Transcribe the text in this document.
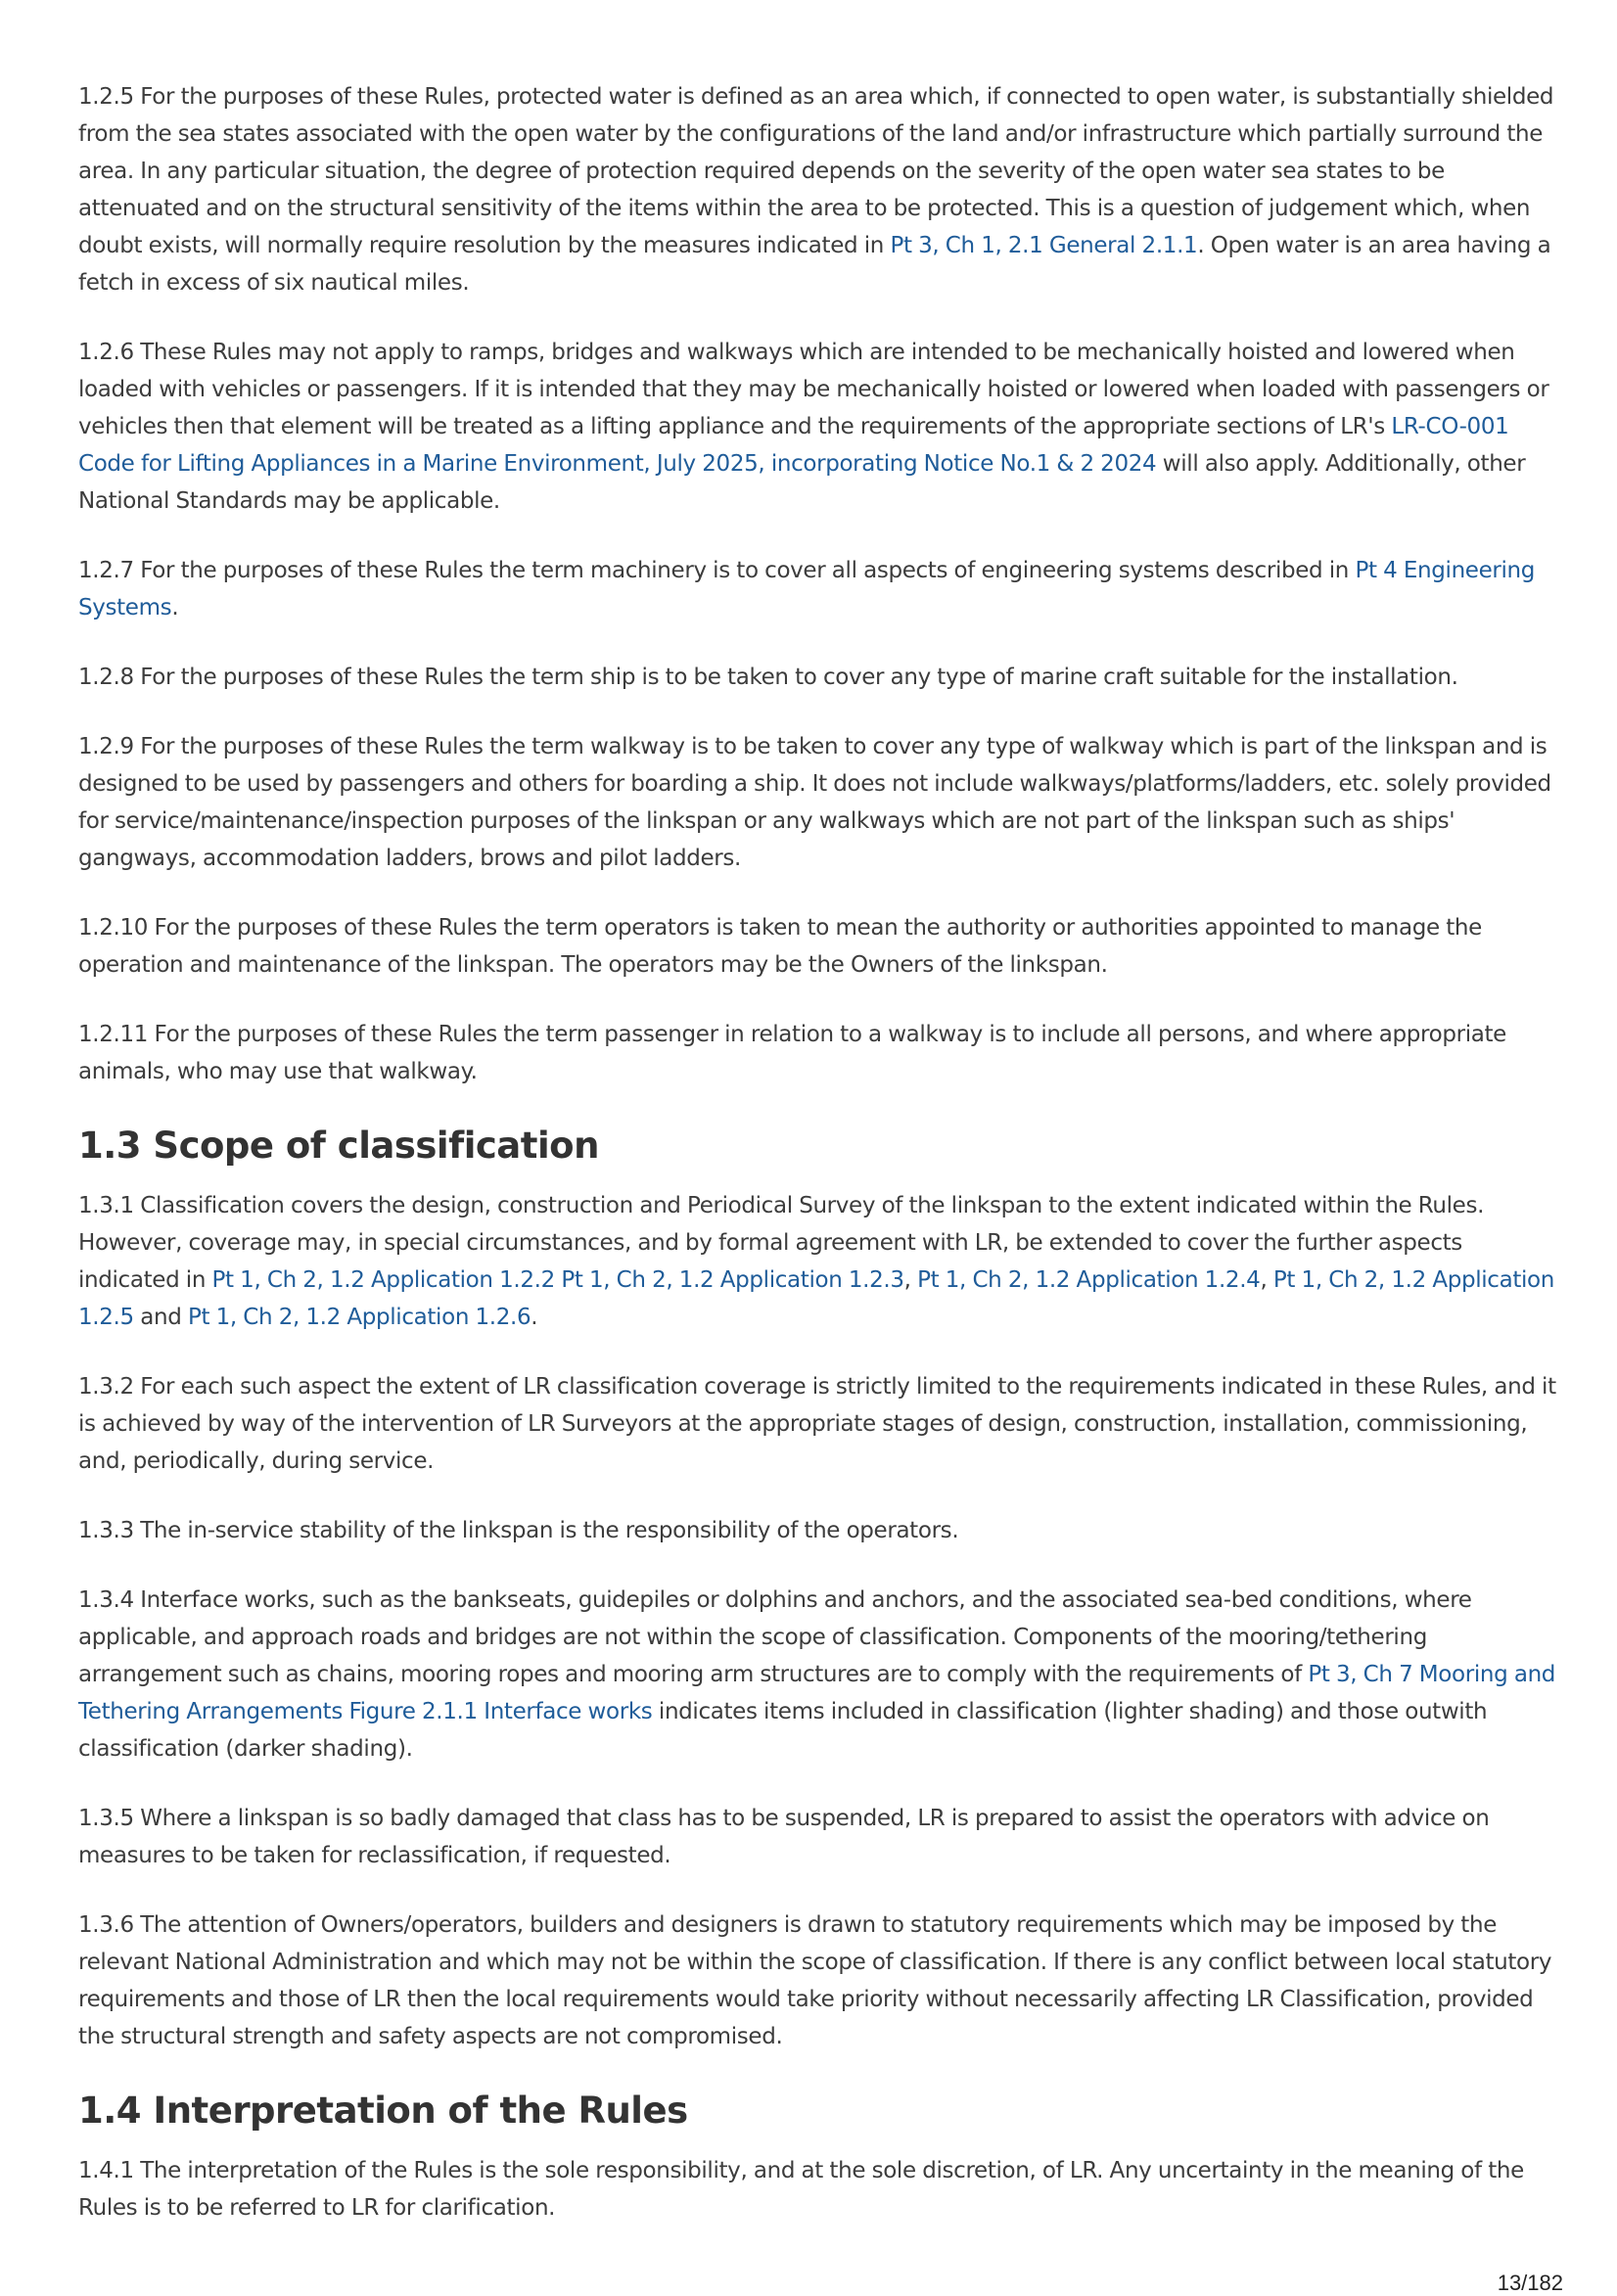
1.2.5 For the purposes of these Rules, protected water is defined as an area which, if connected to open water, is substantially shielded from the sea states associated with the open water by the configurations of the land and/or infrastructure which partially surround the area. In any particular situation, the degree of protection required depends on the severity of the open water sea states to be attenuated and on the structural sensitivity of the items within the area to be protected. This is a question of judgement which, when doubt exists, will normally require resolution by the measures indicated in Pt 3, Ch 1, 2.1 General 2.1.1. Open water is an area having a fetch in excess of six nautical miles.

1.2.6 These Rules may not apply to ramps, bridges and walkways which are intended to be mechanically hoisted and lowered when loaded with vehicles or passengers. If it is intended that they may be mechanically hoisted or lowered when loaded with passengers or vehicles then that element will be treated as a lifting appliance and the requirements of the appropriate sections of LR's LR-CO-001 Code for Lifting Appliances in a Marine Environment, July 2025, incorporating Notice No.1 & 2 2024 will also apply. Additionally, other National Standards may be applicable.

1.2.7 For the purposes of these Rules the term machinery is to cover all aspects of engineering systems described in Pt 4 Engineering Systems.

1.2.8 For the purposes of these Rules the term ship is to be taken to cover any type of marine craft suitable for the installation.

1.2.9 For the purposes of these Rules the term walkway is to be taken to cover any type of walkway which is part of the linkspan and is designed to be used by passengers and others for boarding a ship. It does not include walkways/platforms/ladders, etc. solely provided for service/maintenance/inspection purposes of the linkspan or any walkways which are not part of the linkspan such as ships' gangways, accommodation ladders, brows and pilot ladders.

1.2.10 For the purposes of these Rules the term operators is taken to mean the authority or authorities appointed to manage the operation and maintenance of the linkspan. The operators may be the Owners of the linkspan.

1.2.11 For the purposes of these Rules the term passenger in relation to a walkway is to include all persons, and where appropriate animals, who may use that walkway.

1.3 Scope of classification

1.3.1 Classification covers the design, construction and Periodical Survey of the linkspan to the extent indicated within the Rules. However, coverage may, in special circumstances, and by formal agreement with LR, be extended to cover the further aspects indicated in Pt 1, Ch 2, 1.2 Application 1.2.2 Pt 1, Ch 2, 1.2 Application 1.2.3, Pt 1, Ch 2, 1.2 Application 1.2.4, Pt 1, Ch 2, 1.2 Application 1.2.5 and Pt 1, Ch 2, 1.2 Application 1.2.6.

1.3.2 For each such aspect the extent of LR classification coverage is strictly limited to the requirements indicated in these Rules, and it is achieved by way of the intervention of LR Surveyors at the appropriate stages of design, construction, installation, commissioning, and, periodically, during service.

1.3.3 The in-service stability of the linkspan is the responsibility of the operators.

1.3.4 Interface works, such as the bankseats, guidepiles or dolphins and anchors, and the associated sea-bed conditions, where applicable, and approach roads and bridges are not within the scope of classification. Components of the mooring/tethering arrangement such as chains, mooring ropes and mooring arm structures are to comply with the requirements of Pt 3, Ch 7 Mooring and Tethering Arrangements Figure 2.1.1 Interface works indicates items included in classification (lighter shading) and those outwith classification (darker shading).

1.3.5 Where a linkspan is so badly damaged that class has to be suspended, LR is prepared to assist the operators with advice on measures to be taken for reclassification, if requested.

1.3.6 The attention of Owners/operators, builders and designers is drawn to statutory requirements which may be imposed by the relevant National Administration and which may not be within the scope of classification. If there is any conflict between local statutory requirements and those of LR then the local requirements would take priority without necessarily affecting LR Classification, provided the structural strength and safety aspects are not compromised.

1.4 Interpretation of the Rules

1.4.1 The interpretation of the Rules is the sole responsibility, and at the sole discretion, of LR. Any uncertainty in the meaning of the Rules is to be referred to LR for clarification.

13/182
